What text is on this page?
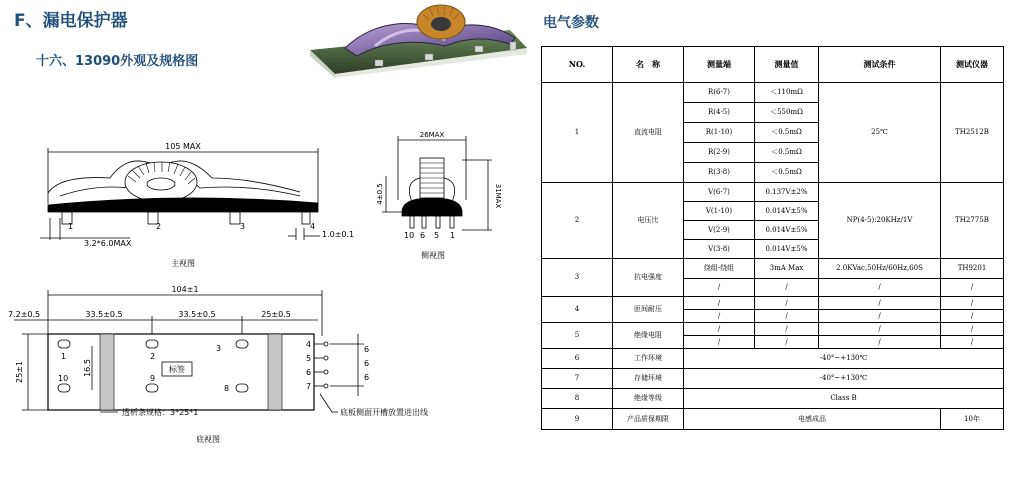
F、漏电保护器
十六、13090外观及规格图
电气参数
105 MAX
1	2	3	4
3.2*6.0MAX
1.0±0.1
主视图
26MAX
31MAX
4±0.5
10 6 5 1
侧视图
104±1
7.2±0.5	33.5±0.5	33.5±0.5	25±0.5
25±1	16.5
1	2
3
10	9
8
标签
4
5
6
7
6
6
6
透析条规格：3*25*1	底板侧面开槽放置进出线
底视图
NO.	名　称	测量端	测量值	测试条件	测试仪器
1	直流电阻	R(6-7)	＜110mΩ	25℃	TH2512B
		R(4-5)	＜550mΩ		
		R(1-10)	＜0.5mΩ		
		R(2-9)	＜0.5mΩ		
		R(3-8)	＜0.5mΩ		
2	电压比	V(6-7)	0.137V±2%	NP(4-5):20KHz/1V	TH2775B
		V(1-10)	0.014V±5%		
		V(2-9)	0.014V±5%		
		V(3-8)	0.014V±5%		
3	抗电强度	绕组-绕组	3mA Max	2.0KVac,50Hz/60Hz,60S	TH9201
		/	/	/	/
4	匝间耐压	/	/	/	/
		/	/	/	/
5	绝缘电阻	/	/	/	/
		/	/	/	/
6	工作环境	-40°~+130℃			
7	存储环境	-40°~+130℃			
8	绝缘等级	Class B			
9	产品质保期限	电感成品			10年
